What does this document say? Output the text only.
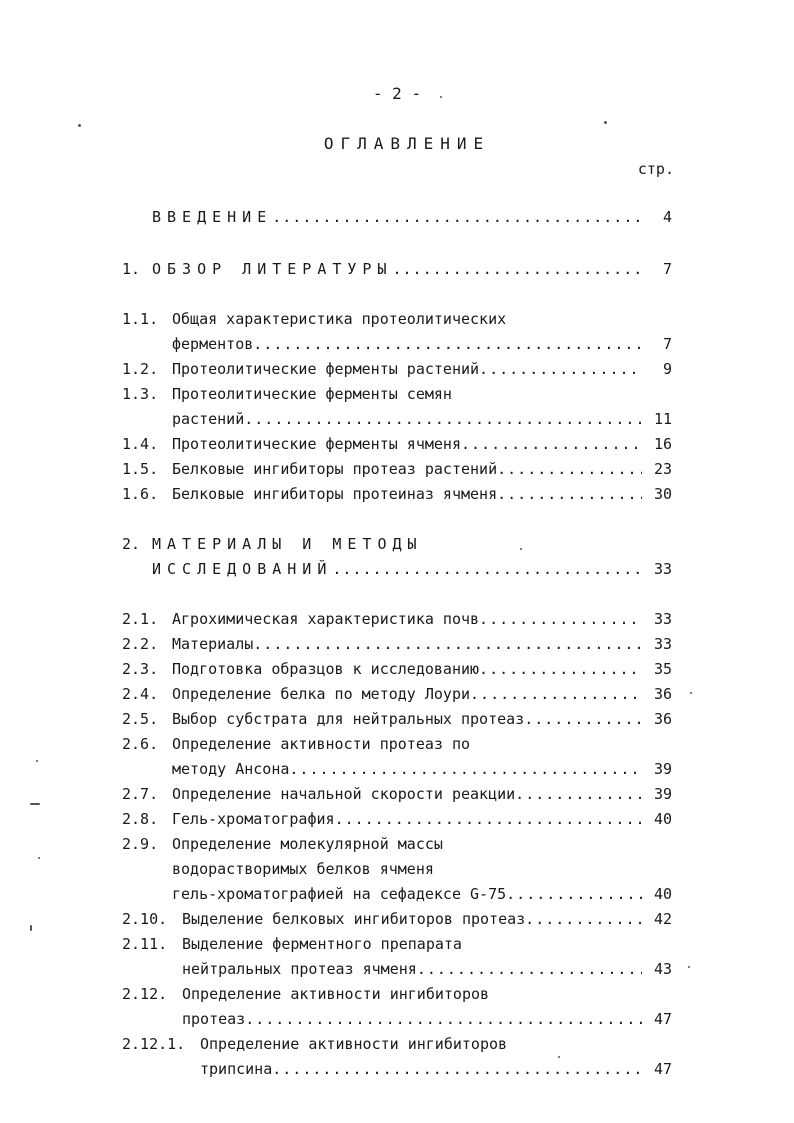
- 2 -
ОГЛАВЛЕНИЕ
стр.
ВВЕДЕНИЕ .....	4
1. ОБЗОР ЛИТЕРАТУРЫ .....	7
1.1. Общая характеристика протеолитических
ферментов .....	7
1.2. Протеолитические ферменты растений .....	9
1.3. Протеолитические ферменты семян
растений .....	11
1.4. Протеолитические ферменты ячменя .....	16
1.5. Белковые ингибиторы протеаз растений .....	23
1.6. Белковые ингибиторы протеиназ ячменя .....	30
2. МАТЕРИАЛЫ И МЕТОДЫ
ИССЛЕДОВАНИЙ .....	33
2.1. Агрохимическая характеристика почв .....	33
2.2. Материалы .....	33
2.3. Подготовка образцов к исследованию .....	35
2.4. Определение белка по методу Лоури .....	36
2.5. Выбор субстрата для нейтральных протеаз .....	36
2.6. Определение активности протеаз по
методу Ансона .....	39
2.7. Определение начальной скорости реакции .....	39
2.8. Гель-хроматография .....	40
2.9. Определение молекулярной массы
водорастворимых белков ячменя
гель-хроматографией на сефадексе G-75 .....	40
2.10. Выделение белковых ингибиторов протеаз .....	42
2.11. Выделение ферментного препарата
нейтральных протеаз ячменя .....	43
2.12. Определение активности ингибиторов
протеаз .....	47
2.12.1. Определение активности ингибиторов
трипсина .....	47
